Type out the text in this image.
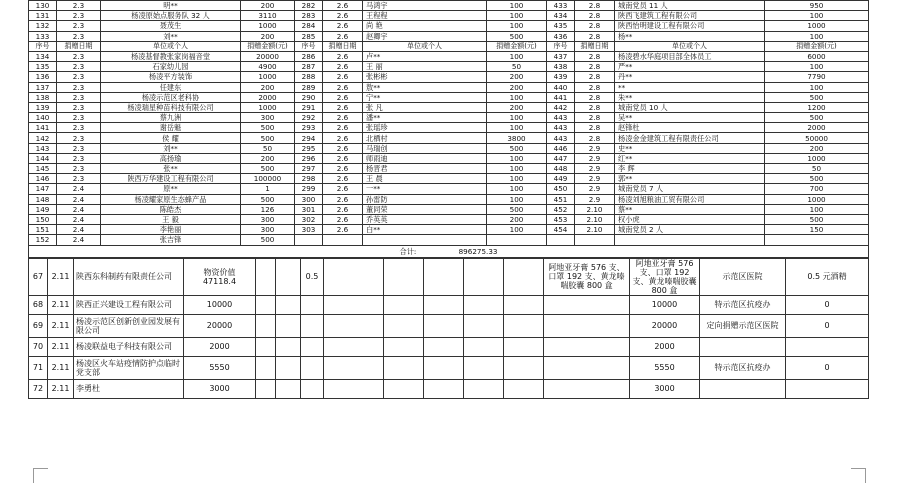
130	2.3	明**	200	282	2.6	马鸿宇	100	433	2.8	城南党员 11 人	950
131	2.3	杨凌原始点服务队 32 人	3110	283	2.6	王程程	100	434	2.8	陕西飞建筑工程有限公司	100
132	2.3	聂茂生	1000	284	2.6	尚 艳	100	435	2.8	陕西怡明建设工程有限公司	1000
133	2.3	刘**	200	285	2.6	赵卿宇	500	436	2.8	杨**	100
序号	捐赠日期	单位或个人	捐赠金额(元)	序号	捐赠日期	单位或个人	捐赠金额(元)	序号	捐赠日期	单位或个人	捐赠金额(元)
134	2.3	杨凌基督教张家岗福音堂	20000	286	2.6	卢**	100	437	2.8	杨凌碧水华庭项目部全体员工	6000
135	2.3	石家幼儿园	4900	287	2.6	王 丽	50	438	2.8	严**	100
136	2.3	杨凌平方装饰	1000	288	2.6	张彬彬	200	439	2.8	丹**	7790
137	2.3	任建东	200	289	2.6	敖**	200	440	2.8	**	100
138	2.3	杨凌示范区老科协	2000	290	2.6	宁**	100	441	2.8	朱**	500
139	2.3	杨凌瑞星种苗科技有限公司	1000	291	2.6	张 凡	200	442	2.8	城南党员 10 人	1200
140	2.3	蔡九洲	300	292	2.6	潘**	100	443	2.8	吴**	500
141	2.3	谢岳魁	500	293	2.6	张瑶珍	100	443	2.8	赵锋杜	2000
142	2.3	侯 耀	500	294	2.6	北栖村	3800	443	2.8	杨凌金金建筑工程有限责任公司	50000
143	2.3	刘**	50	295	2.6	马瑞创	500	446	2.9	史**	200
144	2.3	高扬瑜	200	296	2.6	师雨迪	100	447	2.9	红**	1000
145	2.3	张**	500	297	2.6	杨晋君	100	448	2.9	李 辉	50
146	2.3	陕西万华建设工程有限公司	100000	298	2.6	王 晨	100	449	2.9	郭**	500
147	2.4	原**	1	299	2.6	一**	100	450	2.9	城南党员 7 人	700
148	2.4	杨凌耀家原生态蜂产品	500	300	2.6	孙雷防	100	451	2.9	杨凌刘旭粮油工贸有限公司	1000
149	2.4	陈皓杰	126	301	2.6	董同荣	500	452	2.10	蔡**	100
150	2.4	王 毅	300	302	2.6	乔英英	200	453	2.10	权小虎	500
151	2.4	李艳丽	300	303	2.6	白**	100	454	2.10	城南党员 2 人	150
152	2.4	张吉锋	500								
合计: 896275.33											
67	2.11	陕西东科制药有限责任公司	物资价值 47118.4			0.5						阿地亚牙膏 576 支、口罩 192 支、黄龙嗪喘胶囊 800 盒	阿地亚牙膏 576 支、口罩 192 支、黄龙嗪喘胶囊 800 盒	示范区医院	0.5 元酒精
68	2.11	陕西正兴建设工程有限公司	10000										10000	特示范区抗疫办	0
69	2.11	杨凌示范区创新创业园发展有限公司	20000										20000	定向捐赠示范区医院	0
70	2.11	杨凌联益电子科技有限公司	2000										2000		
71	2.11	杨凌区火车站疫情防护点临时党支部	5550										5550	特示范区抗疫办	0
72	2.11	李勇杜	3000										3000		
